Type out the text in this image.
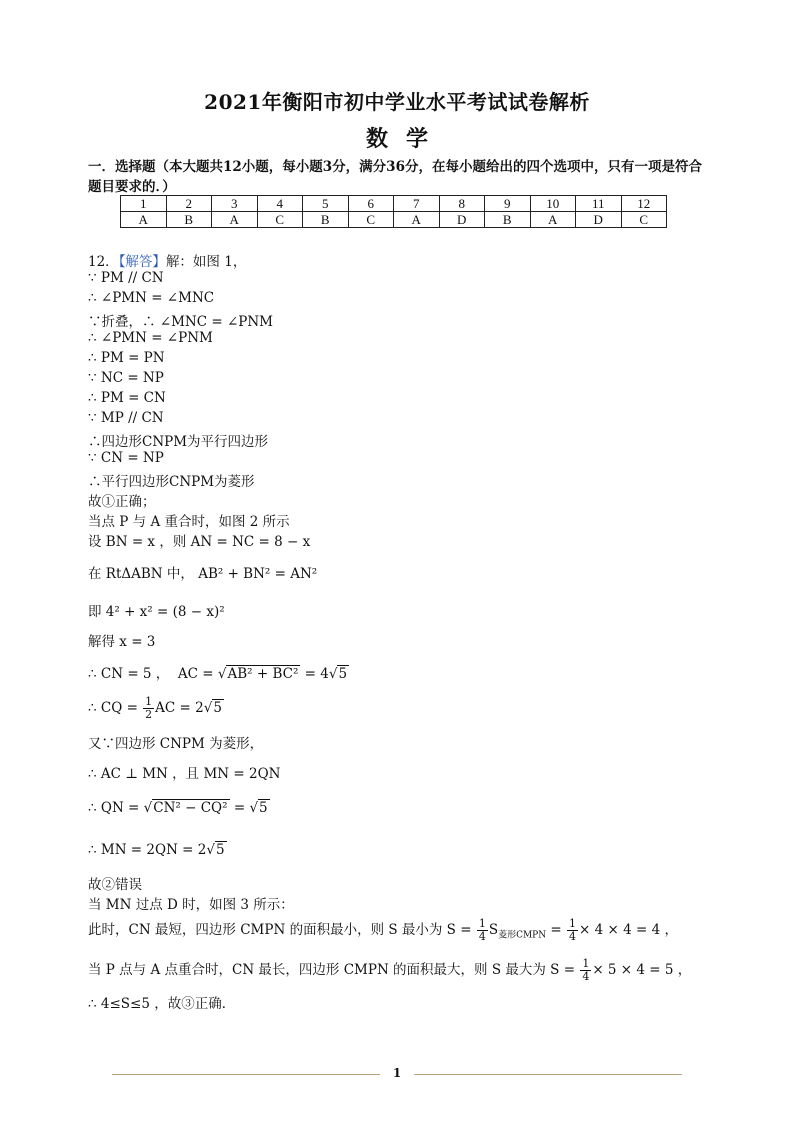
2021年衡阳市初中学业水平考试试卷解析
数学
一．选择题（本大题共12小题，每小题3分，满分36分，在每小题给出的四个选项中，只有一项是符合题目要求的．）
1	2	3	4	5	6	7	8	9	10	11	12
A	B	A	C	B	C	A	D	B	A	D	C
12．【解答】解：如图 1，
∵ PM // CN
∴ ∠PMN = ∠MNC
∵折叠，∴ ∠MNC = ∠PNM
∴ ∠PMN = ∠PNM
∴ PM = PN
∵ NC = NP
∴ PM = CN
∵ MP // CN
∴四边形CNPM为平行四边形
∵ CN = NP
∴平行四边形CNPM为菱形
故①正确；
当点 P 与 A 重合时，如图 2 所示
设 BN = x ，则 AN = NC = 8 − x
在 RtΔABN 中， AB² + BN² = AN²
即 4² + x² = (8 − x)²
解得 x = 3
∴ CN = 5 ， AC = √AB² + BC² = 4√5
∴ CQ = $\frac{1}{2}$ AC = 2√5
又∵四边形 CNPM 为菱形，
∴ AC ⊥ MN ，且 MN = 2QN
∴ QN = √CN² − CQ² = √5
∴ MN = 2QN = 2√5
故②错误
当 MN 过点 D 时，如图 3 所示：
此时，CN 最短，四边形 CMPN 的面积最小，则 S 最小为 $S = \frac{1}{4} S_{菱形CMPN} = \frac{1}{4} \times 4 \times 4 = 4$ ，
当 P 点与 A 点重合时，CN 最长，四边形 CMPN 的面积最大，则 S 最大为 $S = \frac{1}{4} \times 5 \times 4 = 5$ ，
∴ 4≤S≤5 ，故③正确．
1
